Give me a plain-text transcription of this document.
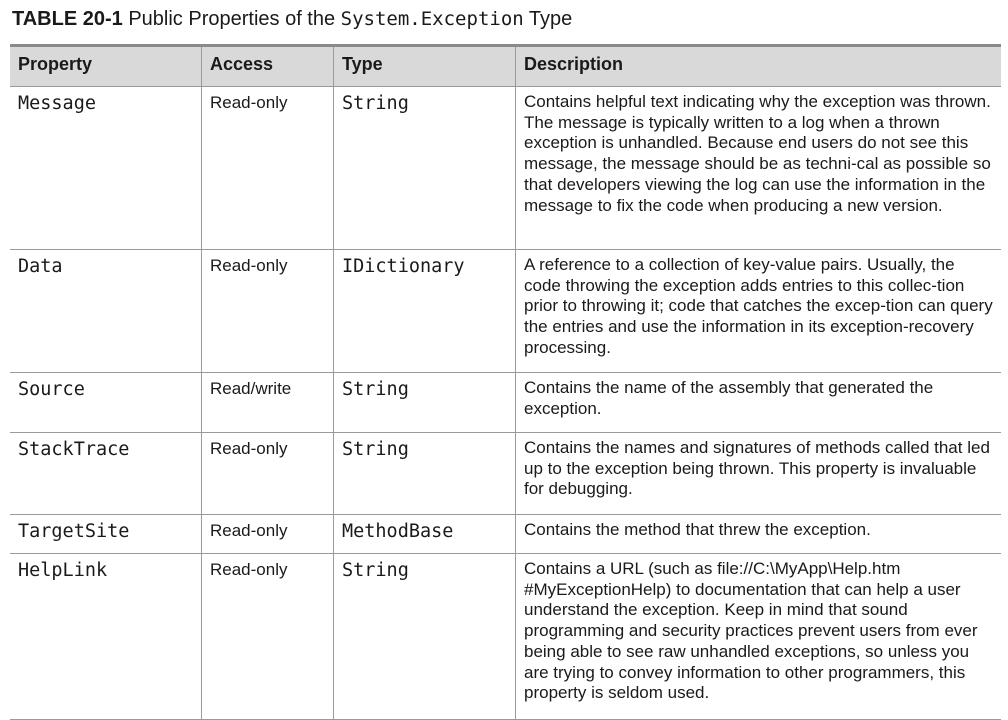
TABLE 20-1 Public Properties of the System.Exception Type
Property	Access	Type	Description
Message	Read-only	String	Contains helpful text indicating why the exception was thrown. The message is typically written to a log when a thrown exception is unhandled. Because end users do not see this message, the message should be as techni-cal as possible so that developers viewing the log can use the information in the message to fix the code when producing a new version.
Data	Read-only	IDictionary	A reference to a collection of key-value pairs. Usually, the code throwing the exception adds entries to this collec-tion prior to throwing it; code that catches the excep-tion can query the entries and use the information in its exception-recovery processing.
Source	Read/write	String	Contains the name of the assembly that generated the exception.
StackTrace	Read-only	String	Contains the names and signatures of methods called that led up to the exception being thrown. This property is invaluable for debugging.
TargetSite	Read-only	MethodBase	Contains the method that threw the exception.
HelpLink	Read-only	String	Contains a URL (such as file://C:\MyApp\Help.htm #MyExceptionHelp) to documentation that can help a user understand the exception. Keep in mind that sound programming and security practices prevent users from ever being able to see raw unhandled exceptions, so unless you are trying to convey information to other programmers, this property is seldom used.
